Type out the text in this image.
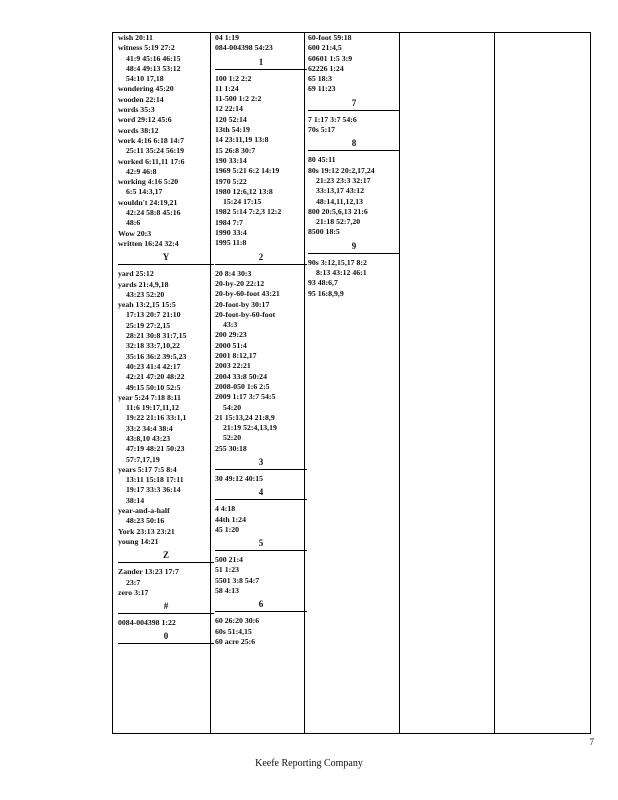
wish 20:11
witness 5:19 27:2
41:9 45:16 46:15
48:4 49:13 53:12
54:10 17,18
wondering 45:20
wooden 22:14
words 35:3
word 29:12 45:6
words 38:12
work 4:16 6:18 14:7
25:11 35:24 56:19
worked 6:11,11 17:6
42:9 46:8
working 4:16 5:20
6:5 14:3,17
wouldn't 24:19,21
42:24 58:8 45:16
48:6
Wow 20:3
written 16:24 32:4
Y
yard 25:12
yards 21:4,9,18
43:23 52:20
yeah 13:2,15 15:5
17:13 20:7 21:10
25:19 27:2,15
28:21 30:8 31:7,15
32:18 33:7,10,22
35:16 36:2 39:5,23
40:23 41:4 42:17
42:21 47:20 48:22
49:15 50:10 52:5
year 5:24 7:18 8:11
11:6 19:17,11,12
19:22 21:16 33:1,1
33:2 34:4 38:4
43:8,10 43:23
47:19 48:21 50:23
57:7,17,19
years 5:17 7:5 8:4
13:11 15:18 17:11
19:17 33:3 36:14
38:14
year-and-a-half
48:23 50:16
York 23:13 23:21
young 14:21
Z
Zander 13:23 17:7
23:7
zero 3:17
#
0084-004398 1:22
0
04 1:19
084-004398 54:23
1
100 1:2 2:2
11 1:24
11-500 1:2 2:2
12 22:14
120 52:14
13th 54:19
14 23:11,19 13:8
15 26:8 30:7
190 33:14
1969 5:21 6:2 14:19
1970 5:22
1980 12:6,12 13:8
15:24 17:15
1982 5:14 7:2,3 12:2
1984 7:7
1990 33:4
1995 11:8
2
20 8:4 30:3
20-by-20 22:12
20-by-60-foot 43:21
20-foot-by 30:17
20-foot-by-60-foot
43:3
200 29:23
2000 51:4
2001 8:12,17
2003 22:21
2004 33:8 50:24
2008-050 1:6 2:5
2009 1:17 3:7 54:5
54:20
21 15:13,24 21:8,9
21:19 52:4,13,19
52:20
255 30:18
3
30 49:12 40:15
4
4 4:18
44th 1:24
45 1:20
5
500 21:4
51 1:23
5501 3:8 54:7
58 4:13
6
60 26:20 30:6
60s 51:4,15
60 acre 25:6
60-foot 59:18
600 21:4,5
60601 1:5 3:9
62226 1:24
65 18:3
69 11:23
7
7 1:17 3:7 54:6
70s 5:17
8
80 45:11
80s 19:12 20:2,17,24
21:23 23:3 32:17
33:13,17 43:12
48:14,11,12,13
800 20:5,6,13 21:6
21:18 52:7,20
8500 18:5
9
90s 3:12,15,17 8:2
8:13 43:12 46:1
93 48:6,7
95 16:8,9,9
7
Keefe Reporting Company
